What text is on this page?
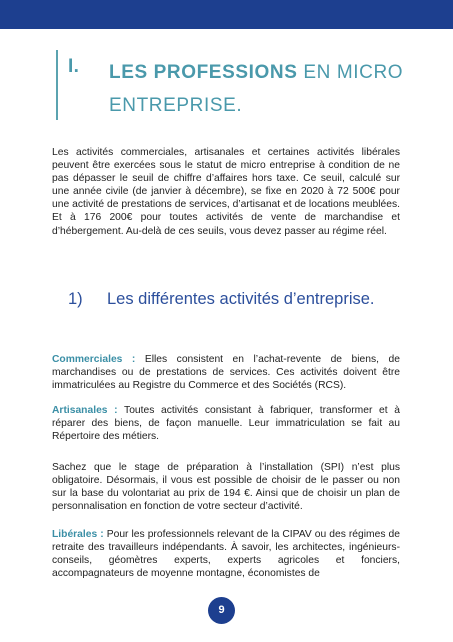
I. LES PROFESSIONS EN MICRO ENTREPRISE.
Les activités commerciales, artisanales et certaines activités libérales peuvent être exercées sous le statut de micro entreprise à condition de ne pas dépasser le seuil de chiffre d’affaires hors taxe. Ce seuil, calculé sur une année civile (de janvier à décembre), se fixe en 2020 à 72 500€ pour une activité de prestations de services, d’artisanat et de locations meublées. Et à 176 200€ pour toutes activités de vente de marchandise et d’hébergement. Au-delà de ces seuils, vous devez passer au régime réel.
1) Les différentes activités d’entreprise.
Commerciales : Elles consistent en l’achat-revente de biens, de marchandises ou de prestations de services. Ces activités doivent être immatriculées au Registre du Commerce et des Sociétés (RCS).
Artisanales : Toutes activités consistant à fabriquer, transformer et à réparer des biens, de façon manuelle. Leur immatriculation se fait au Répertoire des métiers.
Sachez que le stage de préparation à l’installation (SPI) n’est plus obligatoire. Désormais, il vous est possible de choisir de le passer ou non sur la base du volontariat au prix de 194 €. Ainsi que de choisir un plan de personnalisation en fonction de votre secteur d’activité.
Libérales : Pour les professionnels relevant de la CIPAV ou des régimes de retraite des travailleurs indépendants. À savoir, les architectes, ingénieurs-conseils, géomètres experts, experts agricoles et fonciers, accompagnateurs de moyenne montagne, économistes de
9
